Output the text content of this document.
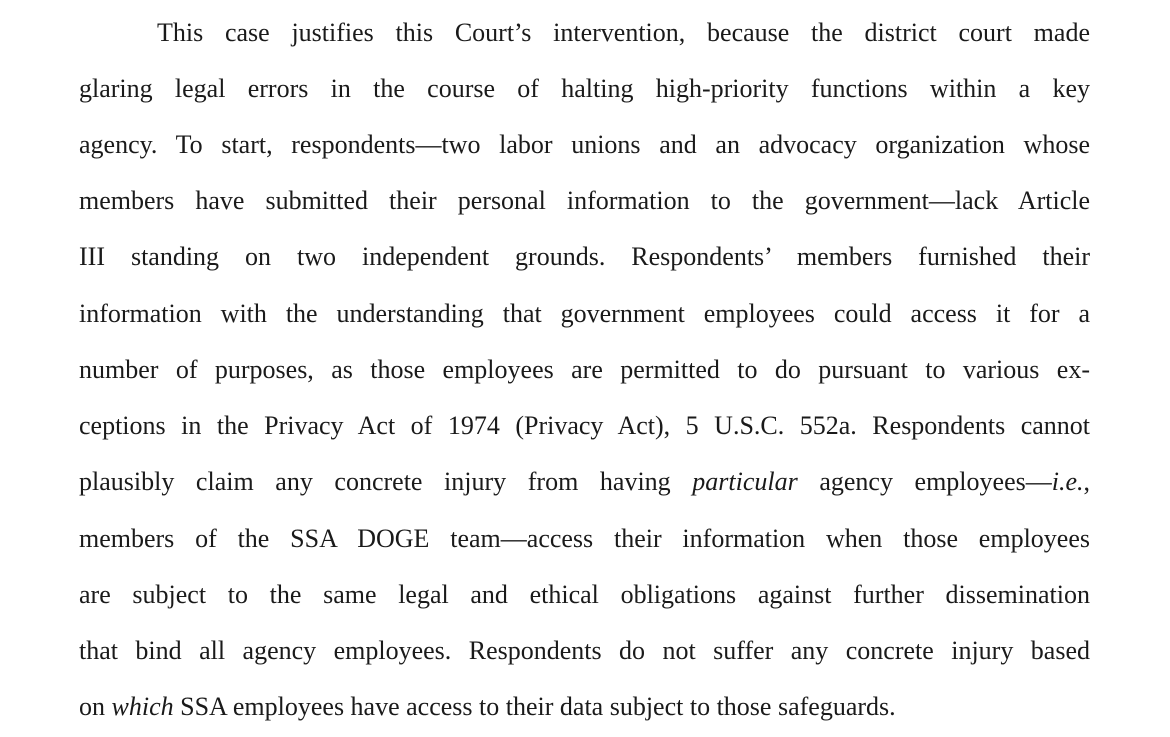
This case justifies this Court’s intervention, because the district court made
glaring legal errors in the course of halting high-priority functions within a key
agency. To start, respondents—two labor unions and an advocacy organization whose
members have submitted their personal information to the government—lack Article
III standing on two independent grounds. Respondents’ members furnished their
information with the understanding that government employees could access it for a
number of purposes, as those employees are permitted to do pursuant to various ex-
ceptions in the Privacy Act of 1974 (Privacy Act), 5 U.S.C. 552a. Respondents cannot
plausibly claim any concrete injury from having particular agency employees—i.e.,
members of the SSA DOGE team—access their information when those employees
are subject to the same legal and ethical obligations against further dissemination
that bind all agency employees. Respondents do not suffer any concrete injury based
on which SSA employees have access to their data subject to those safeguards.
